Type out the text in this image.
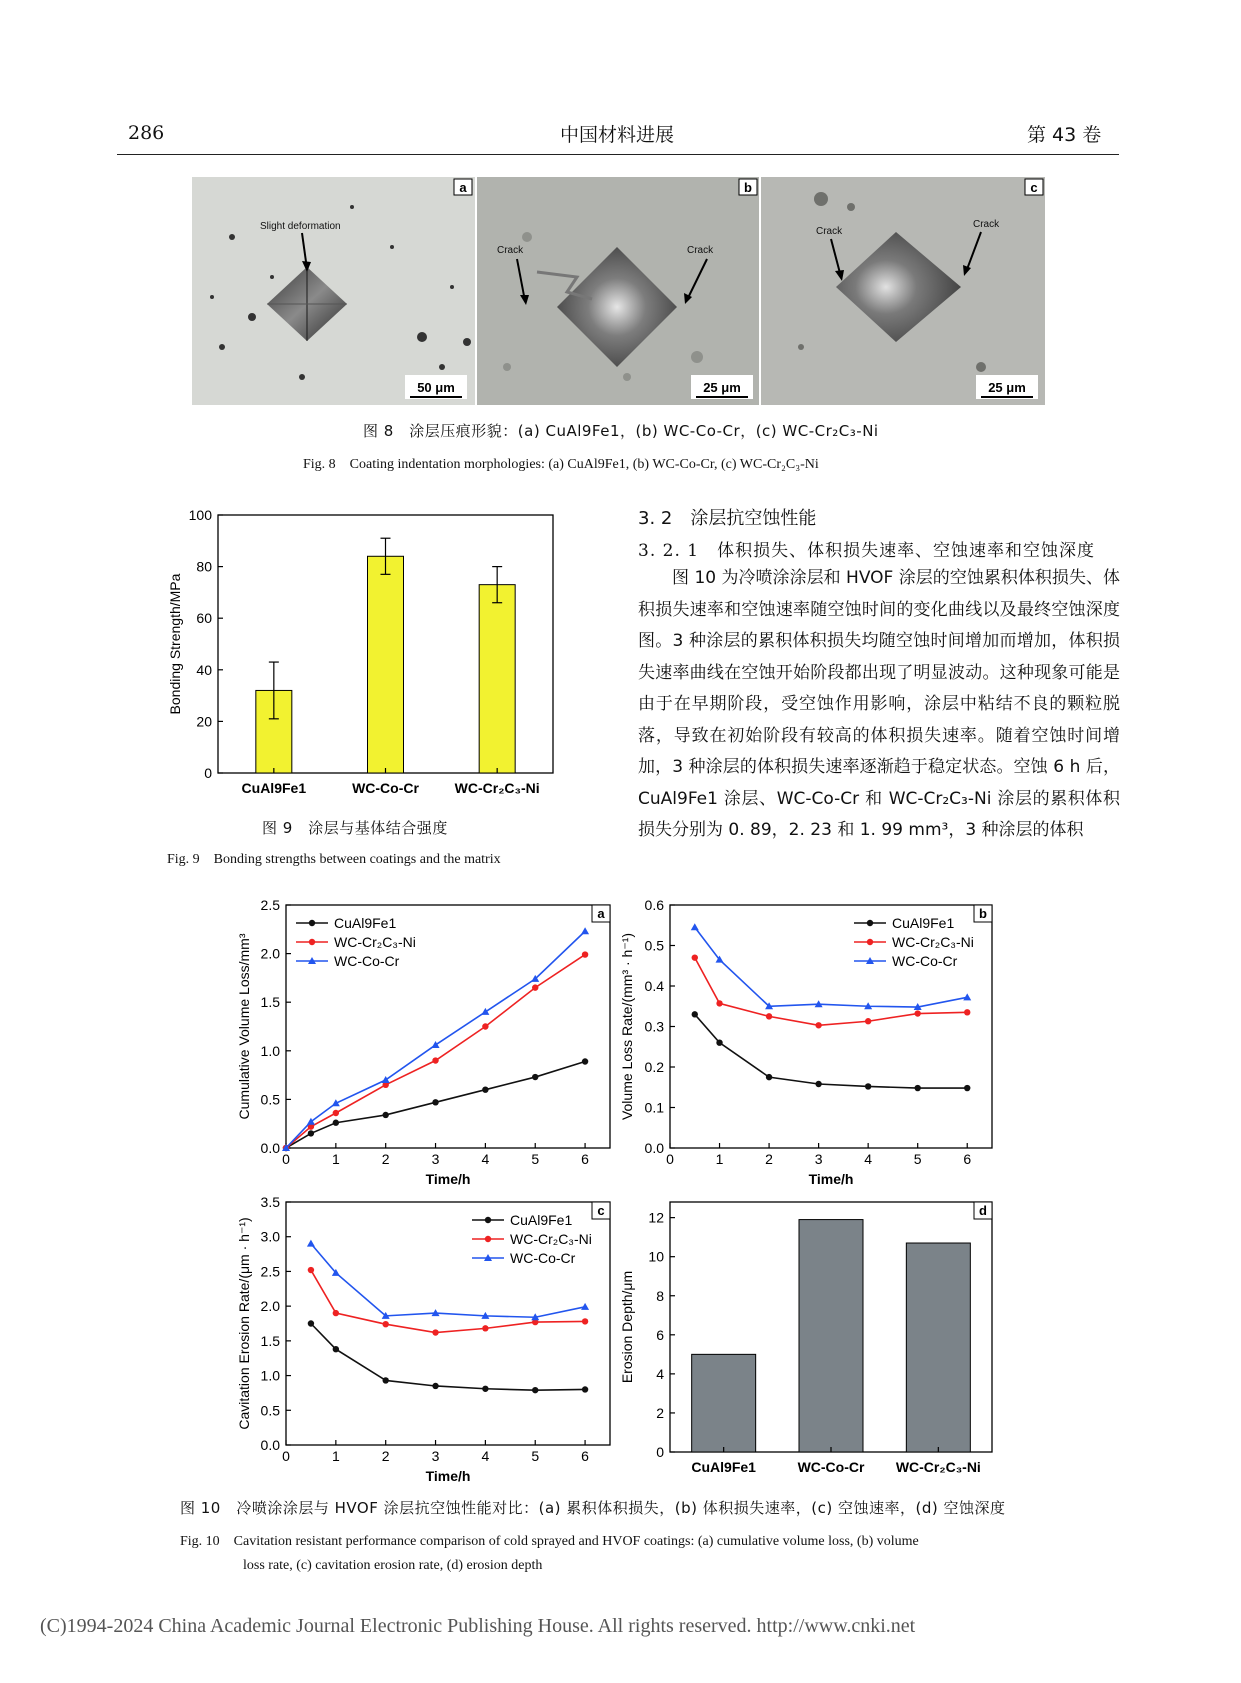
286	中国材料进展	第 43 卷
Slight deformation
a
50 μm
Crack	Crack
b
25 μm
Crack
Crack
c
25 μm
图 8　涂层压痕形貌：(a) CuAl9Fe1，(b) WC-Co-Cr，(c) WC-Cr₂C₃-Ni
Fig. 8　Coating indentation morphologies: (a) CuAl9Fe1, (b) WC-Co-Cr, (c) WC-Cr₂C₃-Ni
0
20
40
60
80
100
Bonding Strength/MPa
CuAl9Fe1	WC-Co-Cr	WC-Cr₂C₃-Ni
图 9　涂层与基体结合强度
Fig. 9　Bonding strengths between coatings and the matrix
3. 2　涂层抗空蚀性能
3. 2. 1　体积损失、体积损失速率、空蚀速率和空蚀深度

图 10 为冷喷涂涂层和 HVOF 涂层的空蚀累积体积损失、体积损失速率和空蚀速率随空蚀时间的变化曲线以及最终空蚀深度图。3 种涂层的累积体积损失均随空蚀时间增加而增加，体积损失速率曲线在空蚀开始阶段都出现了明显波动。这种现象可能是由于在早期阶段，受空蚀作用影响，涂层中粘结不良的颗粒脱落，导致在初始阶段有较高的体积损失速率。随着空蚀时间增加，3 种涂层的体积损失速率逐渐趋于稳定状态。空蚀 6 h 后，CuAl9Fe1 涂层、WC-Co-Cr 和 WC-Cr₂C₃-Ni 涂层的累积体积损失分别为 0. 89，2. 23 和 1. 99 mm³，3 种涂层的体积

0.0
0.5
1.0
1.5
2.0
2.5
Cumulative Volume Loss/mm³
Time/h
0	1	2	3	4	5	6
CuAl9Fe1
WC-Cr₂C₃-Ni
WC-Co-Cr
a
0.0
0.1
0.2
0.3
0.4
0.5
0.6
Volume Loss Rate/(mm³ · h⁻¹)
Time/h
0	1	2	3	4	5	6
CuAl9Fe1
WC-Cr₂C₃-Ni
WC-Co-Cr
b
0.0
0.5
1.0
1.5
2.0
2.5
3.0
3.5
Cavitation Erosion Rate/(μm · h⁻¹)
Time/h
0	1	2	3	4	5	6
CuAl9Fe1
WC-Cr₂C₃-Ni
WC-Co-Cr
c
0
2
4
6
8
10
12
Erosion Depth/μm
CuAl9Fe1	WC-Co-Cr WC-Cr₂C₃-Ni
d
图 10　冷喷涂涂层与 HVOF 涂层抗空蚀性能对比：(a) 累积体积损失，(b) 体积损失速率，(c) 空蚀速率，(d) 空蚀深度
Fig. 10　Cavitation resistant performance comparison of cold sprayed and HVOF coatings: (a) cumulative volume loss, (b) volume
loss rate, (c) cavitation erosion rate, (d) erosion depth
(C)1994-2024 China Academic Journal Electronic Publishing House. All rights reserved. http://www.cnki.net
